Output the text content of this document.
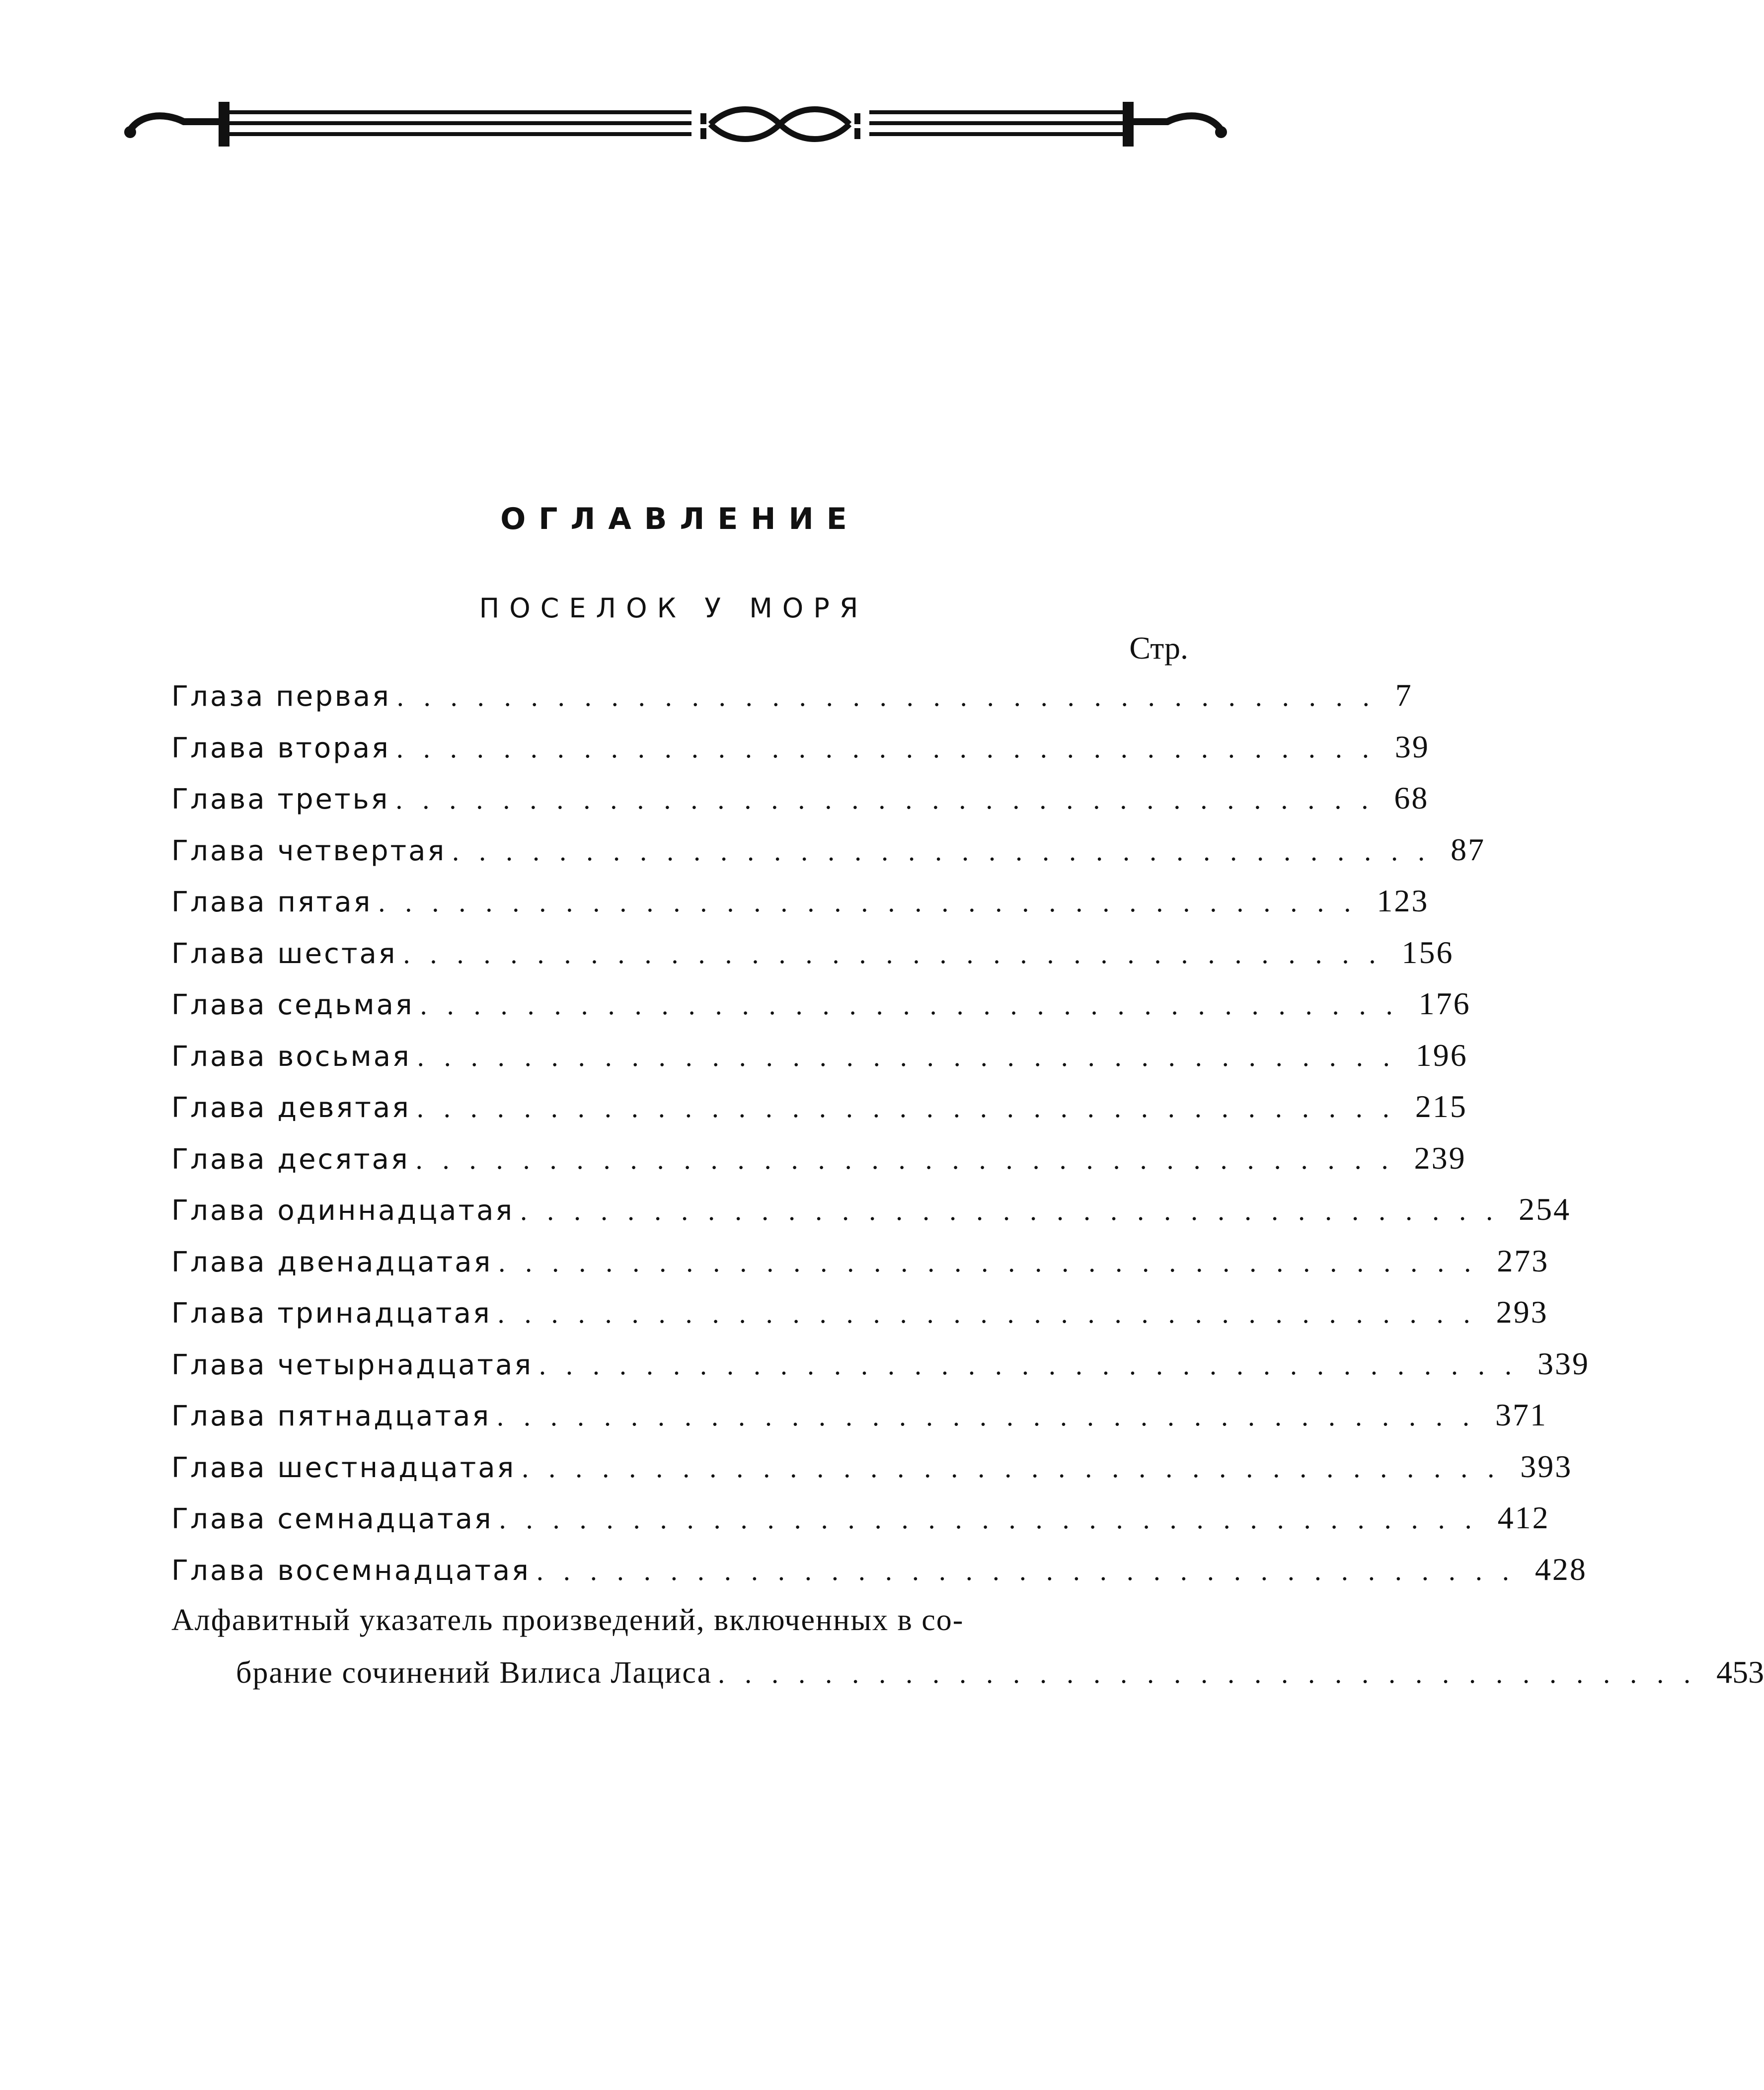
ОГЛАВЛЕНИЕ
ПОСЕЛОК У МОРЯ
Стр.
Глаза первая ..................................... 7
Глава вторая ..................................... 39
Глава третья ..................................... 68
Глава четвертая ..................................... 87
Глава пятая ..................................... 123
Глава шестая ..................................... 156
Глава седьмая ..................................... 176
Глава восьмая ..................................... 196
Глава девятая ..................................... 215
Глава десятая ..................................... 239
Глава одиннадцатая ..................................... 254
Глава двенадцатая ..................................... 273
Глава тринадцатая ..................................... 293
Глава четырнадцатая ..................................... 339
Глава пятнадцатая ..................................... 371
Глава шестнадцатая ..................................... 393
Глава семнадцатая ..................................... 412
Глава восемнадцатая ..................................... 428
Алфавитный указатель произведений, включенных в со-
брание сочинений Вилиса Лациса ..................................... 453
